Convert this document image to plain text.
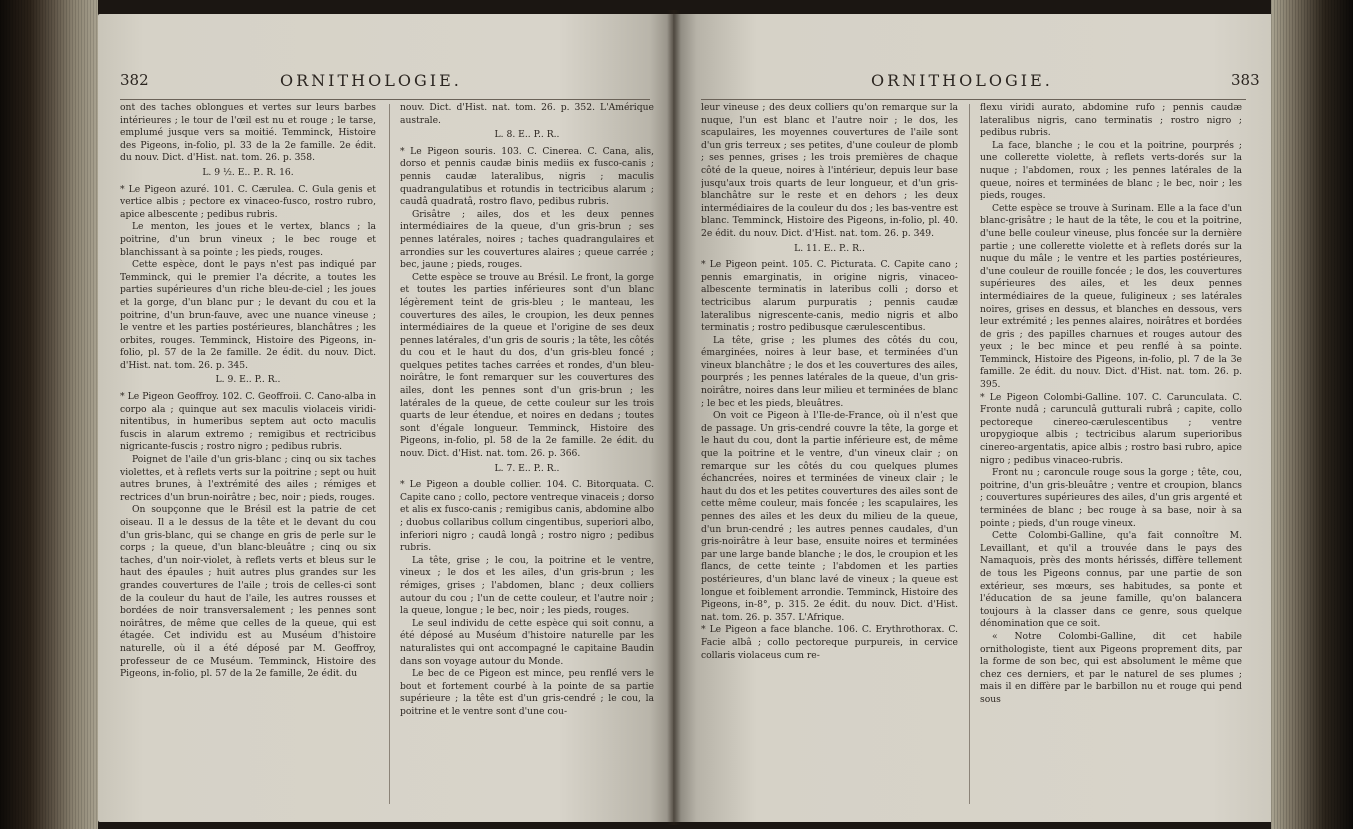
382	ORNITHOLOGIE.

ont des taches oblongues et vertes sur leurs barbes intérieures ; le tour de l'œil est nu et rouge ; le tarse, emplumé jusque vers sa moitié. Temminck, Histoire des Pigeons, in-folio, pl. 33 de la 2e famille. 2e édit. du nouv. Dict. d'Hist. nat. tom. 26. p. 358.

L. 9 ½. E.. P.. R. 16.

* Le Pigeon azuré. 101. C. Cærulea. C. Gula genis et vertice albis ; pectore ex vinaceo-fusco, rostro rubro, apice albescente ; pedibus rubris.

Le menton, les joues et le vertex, blancs ; la poitrine, d'un brun vineux ; le bec rouge et blanchissant à sa pointe ; les pieds, rouges.

Cette espèce, dont le pays n'est pas indiqué par Temminck, qui le premier l'a décrite, a toutes les parties supérieures d'un riche bleu-de-ciel ; les joues et la gorge, d'un blanc pur ; le devant du cou et la poitrine, d'un brun-fauve, avec une nuance vineuse ; le ventre et les parties postérieures, blanchâtres ; les orbites, rouges. Temminck, Histoire des Pigeons, in-folio, pl. 57 de la 2e famille. 2e édit. du nouv. Dict. d'Hist. nat. tom. 26. p. 345.

L. 9. E.. P.. R..

* Le Pigeon Geoffroy. 102. C. Geoffroii. C. Cano-alba in corpo ala ; quinque aut sex maculis violaceis viridi-nitentibus, in humeribus septem aut octo maculis fuscis in alarum extremo ; remigibus et rectricibus nigricante-fuscis ; rostro nigro ; pedibus rubris.

Poignet de l'aile d'un gris-blanc ; cinq ou six taches violettes, et à reflets verts sur la poitrine ; sept ou huit autres brunes, à l'extrémité des ailes ; rémiges et rectrices d'un brun-noirâtre ; bec, noir ; pieds, rouges.

On soupçonne que le Brésil est la patrie de cet oiseau. Il a le dessus de la tête et le devant du cou d'un gris-blanc, qui se change en gris de perle sur le corps ; la queue, d'un blanc-bleuâtre ; cinq ou six taches, d'un noir-violet, à reflets verts et bleus sur le haut des épaules ; huit autres plus grandes sur les grandes couvertures de l'aile ; trois de celles-ci sont de la couleur du haut de l'aile, les autres rousses et bordées de noir transversalement ; les pennes sont noirâtres, de même que celles de la queue, qui est étagée. Cet individu est au Muséum d'histoire naturelle, où il a été déposé par M. Geoffroy, professeur de ce Muséum. Temminck, Histoire des Pigeons, in-folio, pl. 57 de la 2e famille, 2e édit. du

nouv. Dict. d'Hist. nat. tom. 26. p. 352. L'Amérique australe.

L. 8. E.. P.. R..

* Le Pigeon souris. 103. C. Cinerea. C. Cana, alis, dorso et pennis caudæ binis mediis ex fusco-canis ; pennis caudæ lateralibus, nigris ; maculis quadrangulatibus et rotundis in tectricibus alarum ; caudâ quadratâ, rostro flavo, pedibus rubris.

Grisâtre ; ailes, dos et les deux pennes intermédiaires de la queue, d'un gris-brun ; ses pennes latérales, noires ; taches quadrangulaires et arrondies sur les couvertures alaires ; queue carrée ; bec, jaune ; pieds, rouges.

Cette espèce se trouve au Brésil. Le front, la gorge et toutes les parties inférieures sont d'un blanc légèrement teint de gris-bleu ; le manteau, les couvertures des ailes, le croupion, les deux pennes intermédiaires de la queue et l'origine de ses deux pennes latérales, d'un gris de souris ; la tête, les côtés du cou et le haut du dos, d'un gris-bleu foncé ; quelques petites taches carrées et rondes, d'un bleu-noirâtre, le font remarquer sur les couvertures des ailes, dont les pennes sont d'un gris-brun ; les latérales de la queue, de cette couleur sur les trois quarts de leur étendue, et noires en dedans ; toutes sont d'égale longueur. Temminck, Histoire des Pigeons, in-folio, pl. 58 de la 2e famille. 2e édit. du nouv. Dict. d'Hist. nat. tom. 26. p. 366.

L. 7. E.. P.. R..

* Le Pigeon a double collier. 104. C. Bitorquata. C. Capite cano ; collo, pectore ventreque vinaceis ; dorso et alis ex fusco-canis ; remigibus canis, abdomine albo ; duobus collaribus collum cingentibus, superiori albo, inferiori nigro ; caudâ longâ ; rostro nigro ; pedibus rubris.

La tête, grise ; le cou, la poitrine et le ventre, vineux ; le dos et les ailes, d'un gris-brun ; les rémiges, grises ; l'abdomen, blanc ; deux colliers autour du cou ; l'un de cette couleur, et l'autre noir ; la queue, longue ; le bec, noir ; les pieds, rouges.

Le seul individu de cette espèce qui soit connu, a été déposé au Muséum d'histoire naturelle par les naturalistes qui ont accompagné le capitaine Baudin dans son voyage autour du Monde.

Le bec de ce Pigeon est mince, peu renflé vers le bout et fortement courbé à la pointe de sa partie supérieure ; la tête est d'un gris-cendré ; le cou, la poitrine et le ventre sont d'une cou-

ORNITHOLOGIE.	383

leur vineuse ; des deux colliers qu'on remarque sur la nuque, l'un est blanc et l'autre noir ; le dos, les scapulaires, les moyennes couvertures de l'aile sont d'un gris terreux ; ses petites, d'une couleur de plomb ; ses pennes, grises ; les trois premières de chaque côté de la queue, noires à l'intérieur, depuis leur base jusqu'aux trois quarts de leur longueur, et d'un gris-blanchâtre sur le reste et en dehors ; les deux intermédiaires de la couleur du dos ; les bas-ventre est blanc. Temminck, Histoire des Pigeons, in-folio, pl. 40. 2e édit. du nouv. Dict. d'Hist. nat. tom. 26. p. 349.

L. 11. E.. P.. R..

* Le Pigeon peint. 105. C. Picturata. C. Capite cano ; pennis emarginatis, in origine nigris, vinaceo-albescente terminatis in lateribus colli ; dorso et tectricibus alarum purpuratis ; pennis caudæ lateralibus nigrescente-canis, medio nigris et albo terminatis ; rostro pedibusque cærulescentibus.

La tête, grise ; les plumes des côtés du cou, émarginées, noires à leur base, et terminées d'un vineux blanchâtre ; le dos et les couvertures des ailes, pourprés ; les pennes latérales de la queue, d'un gris-noirâtre, noires dans leur milieu et terminées de blanc ; le bec et les pieds, bleuâtres.

On voit ce Pigeon à l'Ile-de-France, où il n'est que de passage. Un gris-cendré couvre la tête, la gorge et le haut du cou, dont la partie inférieure est, de même que la poitrine et le ventre, d'un vineux clair ; on remarque sur les côtés du cou quelques plumes échancrées, noires et terminées de vineux clair ; le haut du dos et les petites couvertures des ailes sont de cette même couleur, mais foncée ; les scapulaires, les pennes des ailes et les deux du milieu de la queue, d'un brun-cendré ; les autres pennes caudales, d'un gris-noirâtre à leur base, ensuite noires et terminées par une large bande blanche ; le dos, le croupion et les flancs, de cette teinte ; l'abdomen et les parties postérieures, d'un blanc lavé de vineux ; la queue est longue et foiblement arrondie. Temminck, Histoire des Pigeons, in-8°, p. 315. 2e édit. du nouv. Dict. d'Hist. nat. tom. 26. p. 357. L'Afrique.

* Le Pigeon a face blanche. 106. C. Erythrothorax. C. Facie albâ ; collo pectoreque purpureis, in cervice collaris violaceus cum re-

flexu viridi aurato, abdomine rufo ; pennis caudæ lateralibus nigris, cano terminatis ; rostro nigro ; pedibus rubris.

La face, blanche ; le cou et la poitrine, pourprés ; une collerette violette, à reflets verts-dorés sur la nuque ; l'abdomen, roux ; les pennes latérales de la queue, noires et terminées de blanc ; le bec, noir ; les pieds, rouges.

Cette espèce se trouve à Surinam. Elle a la face d'un blanc-grisâtre ; le haut de la tête, le cou et la poitrine, d'une belle couleur vineuse, plus foncée sur la dernière partie ; une collerette violette et à reflets dorés sur la nuque du mâle ; le ventre et les parties postérieures, d'une couleur de rouille foncée ; le dos, les couvertures supérieures des ailes, et les deux pennes intermédiaires de la queue, fuligineux ; ses latérales noires, grises en dessus, et blanches en dessous, vers leur extrémité ; les pennes alaires, noirâtres et bordées de gris ; des papilles charnues et rouges autour des yeux ; le bec mince et peu renflé à sa pointe. Temminck, Histoire des Pigeons, in-folio, pl. 7 de la 3e famille. 2e édit. du nouv. Dict. d'Hist. nat. tom. 26. p. 395.

* Le Pigeon Colombi-Galline. 107. C. Carunculata. C. Fronte nudâ ; carunculâ gutturali rubrâ ; capite, collo pectoreque cinereo-cærulescentibus ; ventre uropygioque albis ; tectricibus alarum superioribus cinereo-argentatis, apice albis ; rostro basi rubro, apice nigro ; pedibus vinaceo-rubris.

Front nu ; caroncule rouge sous la gorge ; tête, cou, poitrine, d'un gris-bleuâtre ; ventre et croupion, blancs ; couvertures supérieures des ailes, d'un gris argenté et terminées de blanc ; bec rouge à sa base, noir à sa pointe ; pieds, d'un rouge vineux.

Cette Colombi-Galline, qu'a fait connoître M. Levaillant, et qu'il a trouvée dans le pays des Namaquois, près des monts hérissés, diffère tellement de tous les Pigeons connus, par une partie de son extérieur, ses mœurs, ses habitudes, sa ponte et l'éducation de sa jeune famille, qu'on balancera toujours à la classer dans ce genre, sous quelque dénomination que ce soit.

« Notre Colombi-Galline, dit cet habile ornithologiste, tient aux Pigeons proprement dits, par la forme de son bec, qui est absolument le même que chez ces derniers, et par le naturel de ses plumes ; mais il en diffère par le barbillon nu et rouge qui pend sous
